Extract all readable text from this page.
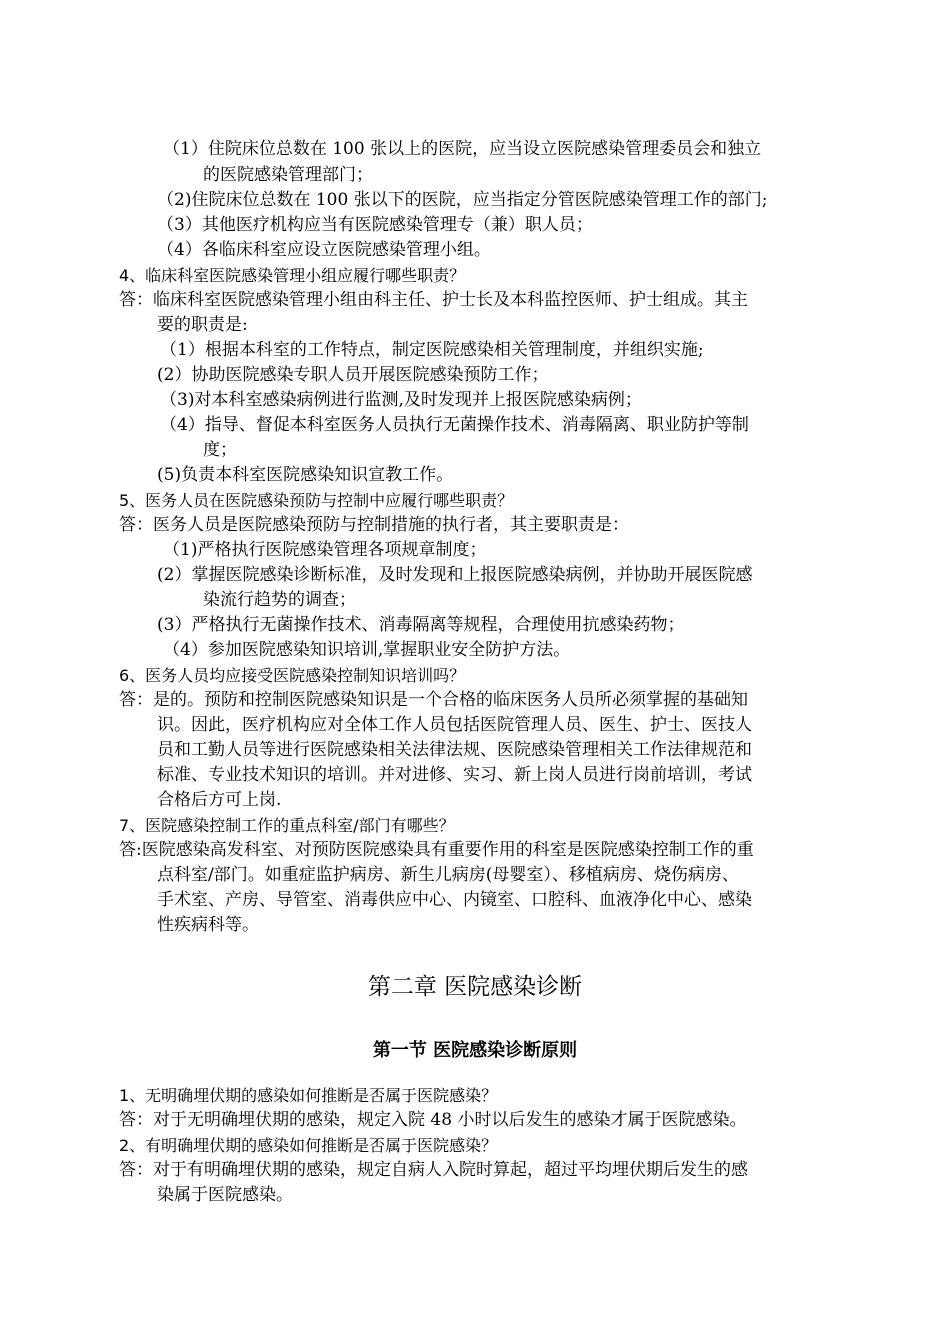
（1）住院床位总数在 100 张以上的医院，应当设立医院感染管理委员会和独立
的医院感染管理部门；
（2)住院床位总数在 100 张以下的医院，应当指定分管医院感染管理工作的部门;
（3）其他医疗机构应当有医院感染管理专（兼）职人员；
（4）各临床科室应设立医院感染管理小组。
4、临床科室医院感染管理小组应履行哪些职责？
答：临床科室医院感染管理小组由科主任、护士长及本科监控医师、护士组成。其主
要的职责是:
（1）根据本科室的工作特点，制定医院感染相关管理制度，并组织实施;
(2）协助医院感染专职人员开展医院感染预防工作；
（3)对本科室感染病例进行监测,及时发现并上报医院感染病例；
（4）指导、督促本科室医务人员执行无菌操作技术、消毒隔离、职业防护等制
度；
(5)负责本科室医院感染知识宣教工作。
5、医务人员在医院感染预防与控制中应履行哪些职责？
答：医务人员是医院感染预防与控制措施的执行者，其主要职责是：
（1)严格执行医院感染管理各项规章制度；
(2）掌握医院感染诊断标准，及时发现和上报医院感染病例，并协助开展医院感
染流行趋势的调查；
(3）严格执行无菌操作技术、消毒隔离等规程，合理使用抗感染药物；
（4）参加医院感染知识培训,掌握职业安全防护方法。
6、医务人员均应接受医院感染控制知识培训吗？
答：是的。预防和控制医院感染知识是一个合格的临床医务人员所必须掌握的基础知
识。因此，医疗机构应对全体工作人员包括医院管理人员、医生、护士、医技人
员和工勤人员等进行医院感染相关法律法规、医院感染管理相关工作法律规范和
标准、专业技术知识的培训。并对进修、实习、新上岗人员进行岗前培训，考试
合格后方可上岗.
7、医院感染控制工作的重点科室/部门有哪些？
答:医院感染高发科室、对预防医院感染具有重要作用的科室是医院感染控制工作的重
点科室/部门。如重症监护病房、新生儿病房(母婴室）、移植病房、烧伤病房、
手术室、产房、导管室、消毒供应中心、内镜室、口腔科、血液净化中心、感染
性疾病科等。
第二章 医院感染诊断
第一节 医院感染诊断原则
1、无明确埋伏期的感染如何推断是否属于医院感染？
答：对于无明确埋伏期的感染，规定入院 48 小时以后发生的感染才属于医院感染。
2、有明确埋伏期的感染如何推断是否属于医院感染？
答：对于有明确埋伏期的感染，规定自病人入院时算起，超过平均埋伏期后发生的感
染属于医院感染。
